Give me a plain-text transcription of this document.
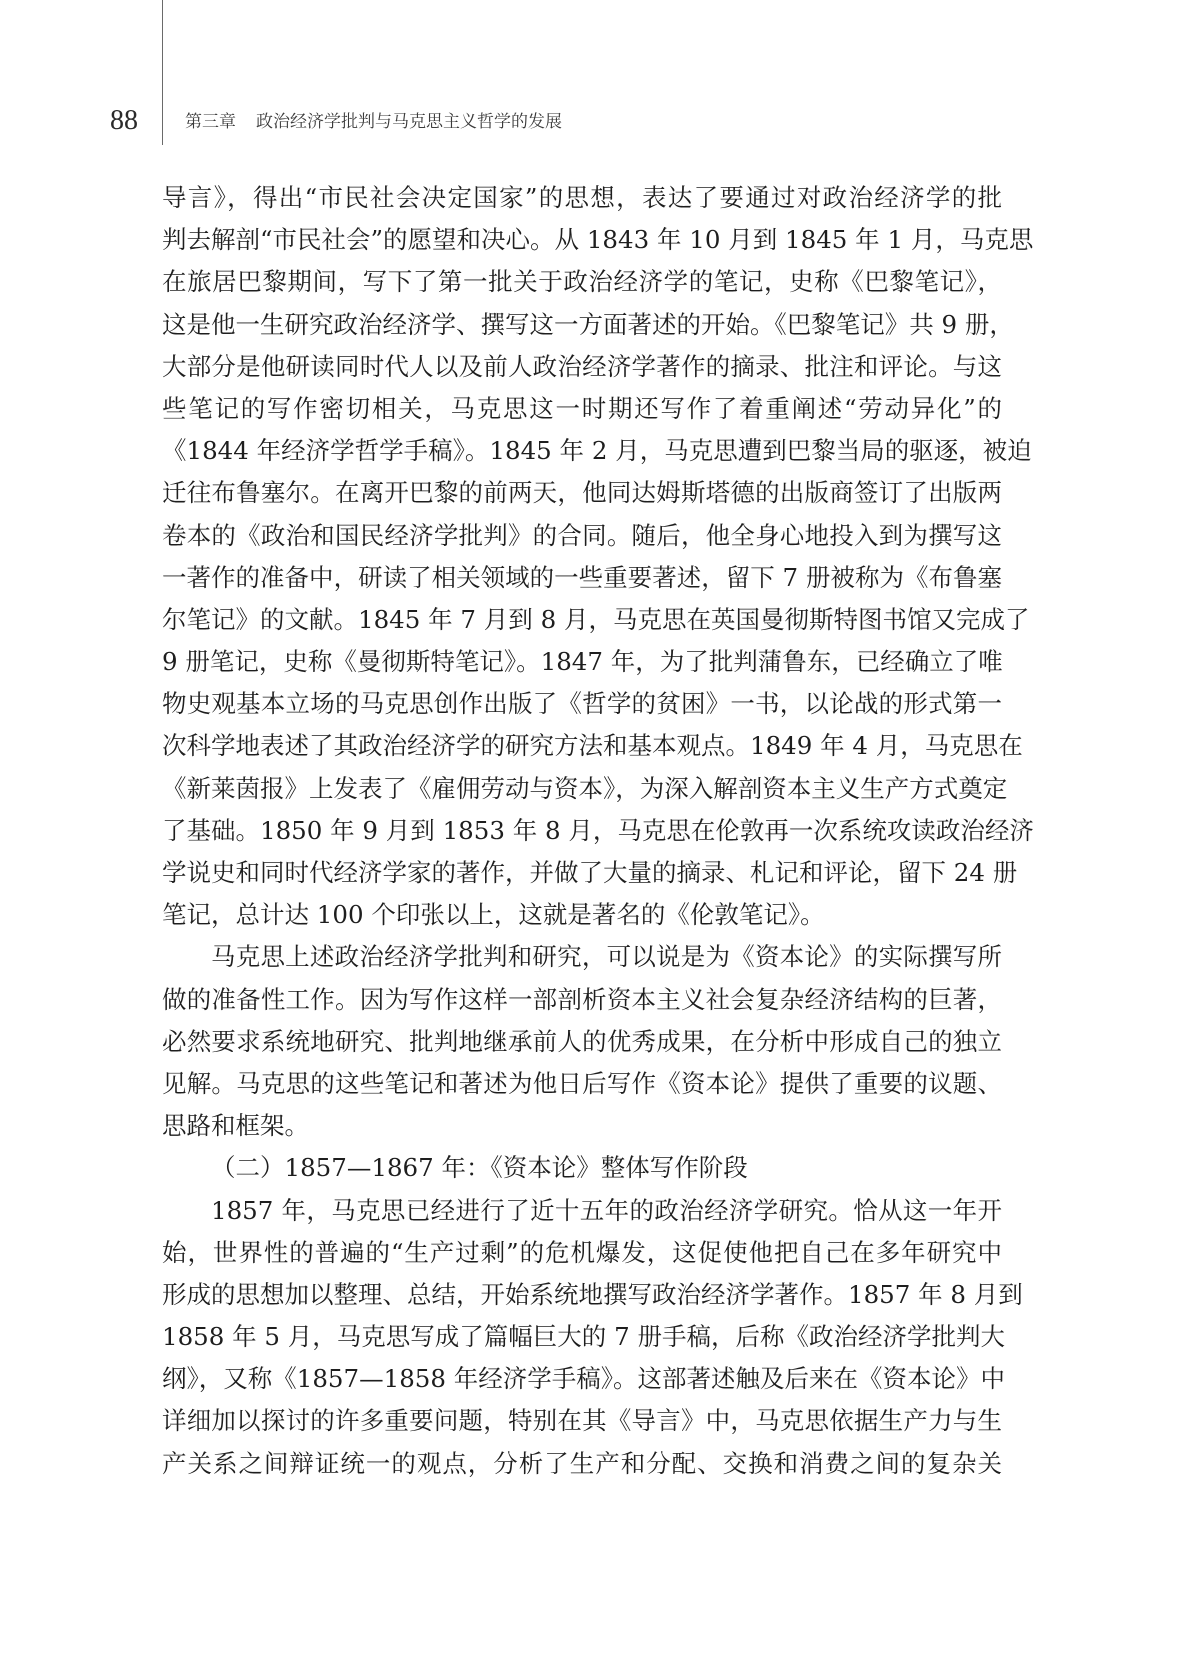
88	第三章 政治经济学批判与马克思主义哲学的发展
导言》，得出“市民社会决定国家”的思想，表达了要通过对政治经济学的批
判去解剖“市民社会”的愿望和决心。从 1843 年 10 月到 1845 年 1 月，马克思
在旅居巴黎期间，写下了第一批关于政治经济学的笔记，史称《巴黎笔记》，
这是他一生研究政治经济学、撰写这一方面著述的开始。《巴黎笔记》共 9 册，
大部分是他研读同时代人以及前人政治经济学著作的摘录、批注和评论。与这
些笔记的写作密切相关，马克思这一时期还写作了着重阐述“劳动异化”的
《1844 年经济学哲学手稿》。1845 年 2 月，马克思遭到巴黎当局的驱逐，被迫
迁往布鲁塞尔。在离开巴黎的前两天，他同达姆斯塔德的出版商签订了出版两
卷本的《政治和国民经济学批判》的合同。随后，他全身心地投入到为撰写这
一著作的准备中，研读了相关领域的一些重要著述，留下 7 册被称为《布鲁塞
尔笔记》的文献。1845 年 7 月到 8 月，马克思在英国曼彻斯特图书馆又完成了
9 册笔记，史称《曼彻斯特笔记》。1847 年，为了批判蒲鲁东，已经确立了唯
物史观基本立场的马克思创作出版了《哲学的贫困》一书，以论战的形式第一
次科学地表述了其政治经济学的研究方法和基本观点。1849 年 4 月，马克思在
《新莱茵报》上发表了《雇佣劳动与资本》，为深入解剖资本主义生产方式奠定
了基础。1850 年 9 月到 1853 年 8 月，马克思在伦敦再一次系统攻读政治经济
学说史和同时代经济学家的著作，并做了大量的摘录、札记和评论，留下 24 册
笔记，总计达 100 个印张以上，这就是著名的《伦敦笔记》。
马克思上述政治经济学批判和研究，可以说是为《资本论》的实际撰写所
做的准备性工作。因为写作这样一部剖析资本主义社会复杂经济结构的巨著，
必然要求系统地研究、批判地继承前人的优秀成果，在分析中形成自己的独立
见解。马克思的这些笔记和著述为他日后写作《资本论》提供了重要的议题、
思路和框架。
（二）1857—1867 年：《资本论》整体写作阶段
1857 年，马克思已经进行了近十五年的政治经济学研究。恰从这一年开
始，世界性的普遍的“生产过剩”的危机爆发，这促使他把自己在多年研究中
形成的思想加以整理、总结，开始系统地撰写政治经济学著作。1857 年 8 月到
1858 年 5 月，马克思写成了篇幅巨大的 7 册手稿，后称《政治经济学批判大
纲》，又称《1857—1858 年经济学手稿》。这部著述触及后来在《资本论》中
详细加以探讨的许多重要问题，特别在其《导言》中，马克思依据生产力与生
产关系之间辩证统一的观点，分析了生产和分配、交换和消费之间的复杂关
